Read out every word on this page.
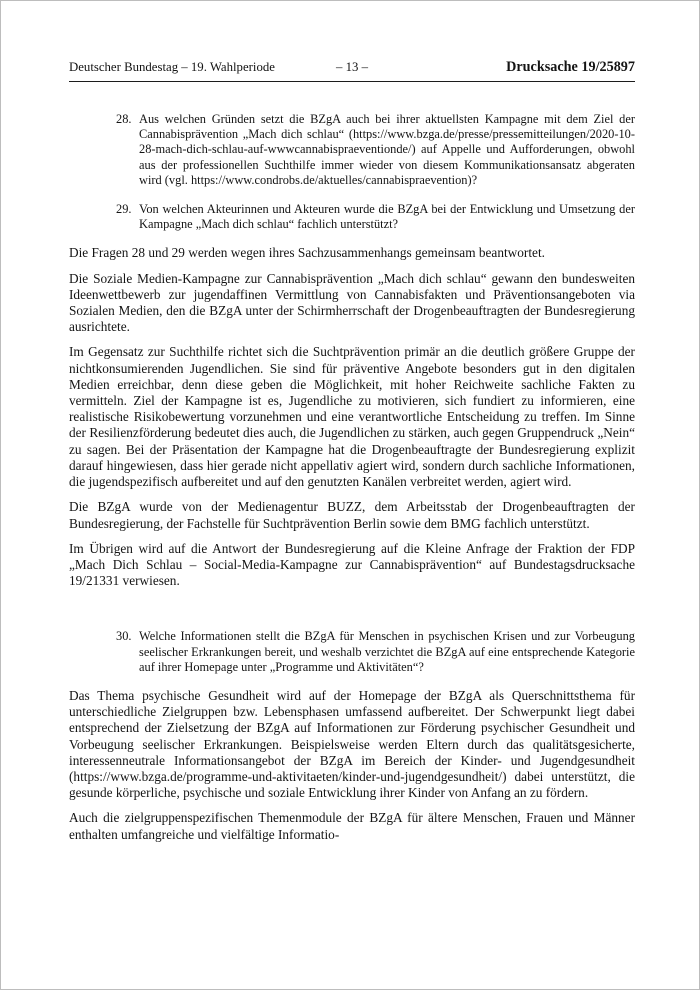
Deutscher Bundestag – 19. Wahlperiode	– 13 –	Drucksache 19/25897
28. Aus welchen Gründen setzt die BZgA auch bei ihrer aktuellsten Kampagne mit dem Ziel der Cannabisprävention „Mach dich schlau“ (https://www.bzga.de/presse/pressemitteilungen/2020-10-28-mach-dich-schlau-auf-wwwcannabispraeventionde/) auf Appelle und Aufforderungen, obwohl aus der professionellen Suchthilfe immer wieder von diesem Kommunikationsansatz abgeraten wird (vgl. https://www.condrobs.de/aktuelles/cannabispraevention)?

29. Von welchen Akteurinnen und Akteuren wurde die BZgA bei der Entwicklung und Umsetzung der Kampagne „Mach dich schlau“ fachlich unterstützt?

Die Fragen 28 und 29 werden wegen ihres Sachzusammenhangs gemeinsam beantwortet.

Die Soziale Medien-Kampagne zur Cannabisprävention „Mach dich schlau“ gewann den bundesweiten Ideenwettbewerb zur jugendaffinen Vermittlung von Cannabisfakten und Präventionsangeboten via Sozialen Medien, den die BZgA unter der Schirmherrschaft der Drogenbeauftragten der Bundesregierung ausrichtete.

Im Gegensatz zur Suchthilfe richtet sich die Suchtprävention primär an die deutlich größere Gruppe der nichtkonsumierenden Jugendlichen. Sie sind für präventive Angebote besonders gut in den digitalen Medien erreichbar, denn diese geben die Möglichkeit, mit hoher Reichweite sachliche Fakten zu vermitteln. Ziel der Kampagne ist es, Jugendliche zu motivieren, sich fundiert zu informieren, eine realistische Risikobewertung vorzunehmen und eine verantwortliche Entscheidung zu treffen. Im Sinne der Resilienzförderung bedeutet dies auch, die Jugendlichen zu stärken, auch gegen Gruppendruck „Nein“ zu sagen. Bei der Präsentation der Kampagne hat die Drogenbeauftragte der Bundesregierung explizit darauf hingewiesen, dass hier gerade nicht appellativ agiert wird, sondern durch sachliche Informationen, die jugendspezifisch aufbereitet und auf den genutzten Kanälen verbreitet werden, agiert wird.

Die BZgA wurde von der Medienagentur BUZZ, dem Arbeitsstab der Drogenbeauftragten der Bundesregierung, der Fachstelle für Suchtprävention Berlin sowie dem BMG fachlich unterstützt.

Im Übrigen wird auf die Antwort der Bundesregierung auf die Kleine Anfrage der Fraktion der FDP „Mach Dich Schlau – Social-Media-Kampagne zur Cannabisprävention“ auf Bundestagsdrucksache 19/21331 verwiesen.

30. Welche Informationen stellt die BZgA für Menschen in psychischen Krisen und zur Vorbeugung seelischer Erkrankungen bereit, und weshalb verzichtet die BZgA auf eine entsprechende Kategorie auf ihrer Homepage unter „Programme und Aktivitäten“?

Das Thema psychische Gesundheit wird auf der Homepage der BZgA als Querschnittsthema für unterschiedliche Zielgruppen bzw. Lebensphasen umfassend aufbereitet. Der Schwerpunkt liegt dabei entsprechend der Zielsetzung der BZgA auf Informationen zur Förderung psychischer Gesundheit und Vorbeugung seelischer Erkrankungen. Beispielsweise werden Eltern durch das qualitätsgesicherte, interessenneutrale Informationsangebot der BZgA im Bereich der Kinder- und Jugendgesundheit (https://www.bzga.de/programme-und-aktivitaeten/kinder-und-jugendgesundheit/) dabei unterstützt, die gesunde körperliche, psychische und soziale Entwicklung ihrer Kinder von Anfang an zu fördern.

Auch die zielgruppenspezifischen Themenmodule der BZgA für ältere Menschen, Frauen und Männer enthalten umfangreiche und vielfältige Informatio-
